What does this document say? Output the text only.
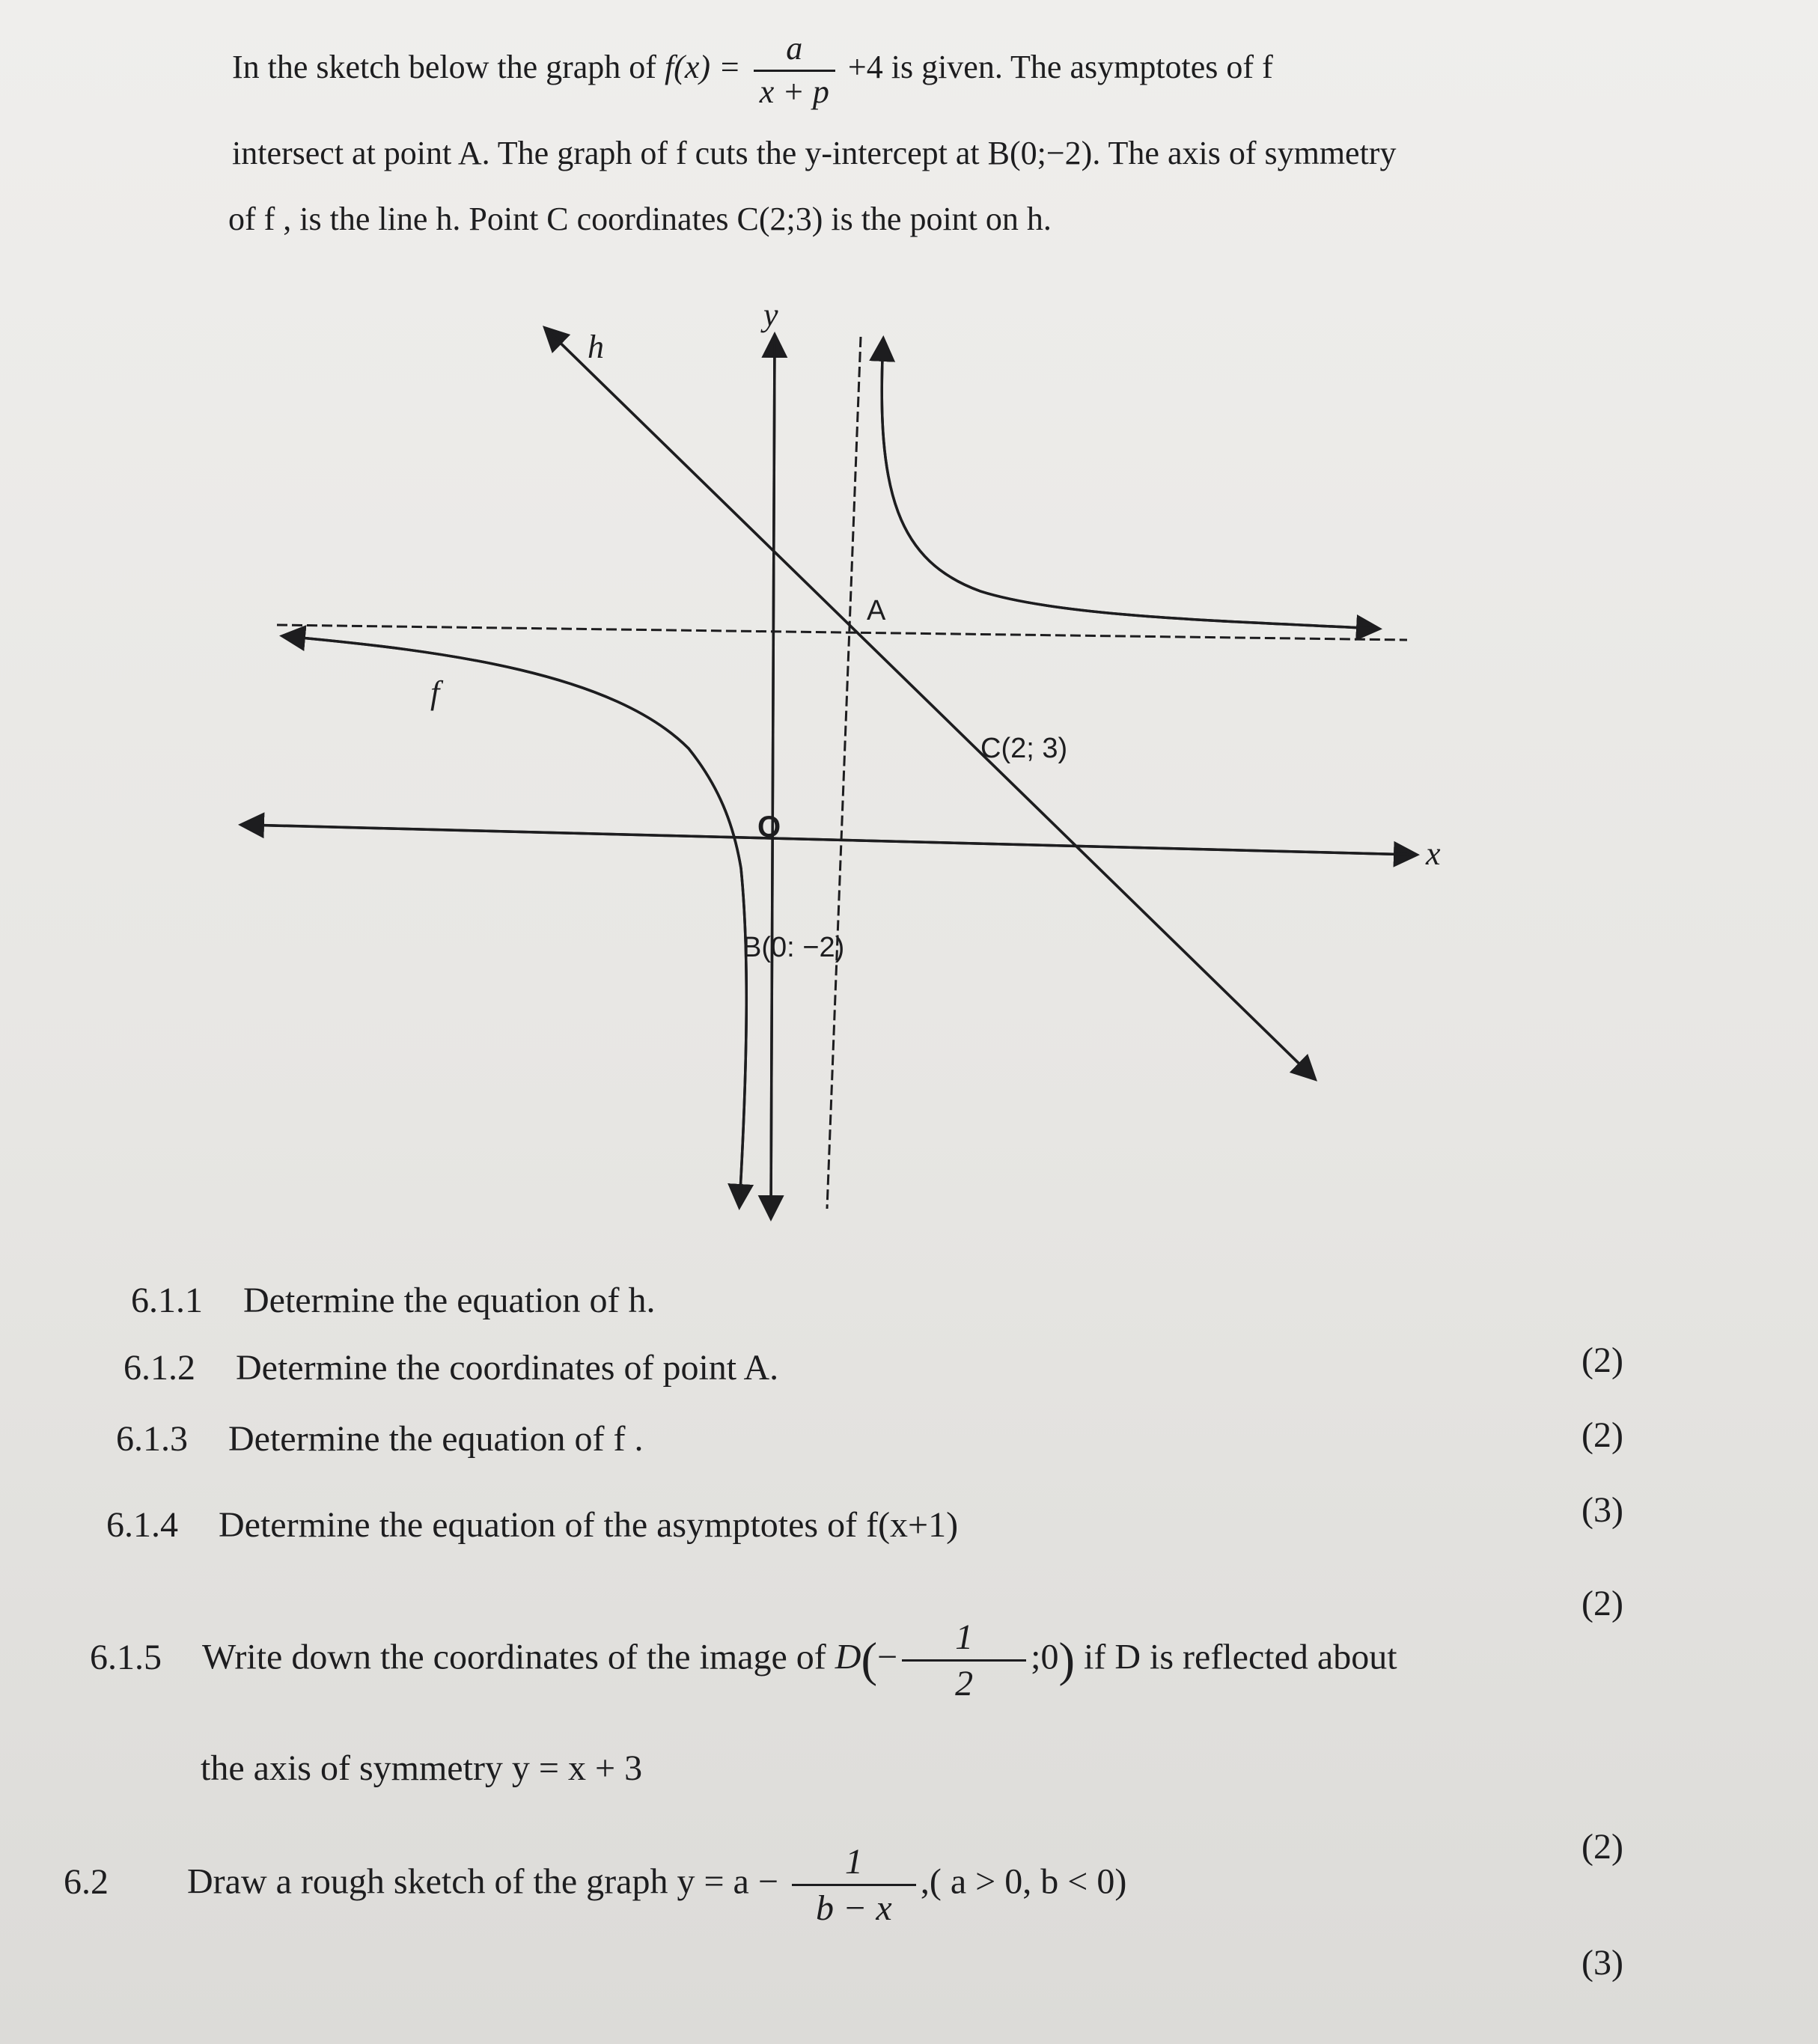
In the sketch below the graph of $f(x) = \frac{a}{x + p} +4$ is given. The asymptotes of f

intersect at point A. The graph of f cuts the y-intercept at B(0;−2). The axis of symmetry

of f , is the line h. Point C coordinates C(2;3) is the point on h.

y
x
h
f
A
C(2; 3)
O
B(0: −2)
6.1.1 Determine the equation of h.
6.1.2 Determine the coordinates of point A.
6.1.3 Determine the equation of f .
6.1.4 Determine the equation of the asymptotes of f(x+1)
6.1.5 Write down the coordinates of the image of $D(- \frac{1}{2}$ ;0) if D is reflected about
the axis of symmetry y = x + 3
6.2 Draw a rough sketch of the graph $y = a - \frac{1}{b - x}$ ,( a > 0, b < 0)
(2)
(2)
(3)
(2)
(2)
(3)
